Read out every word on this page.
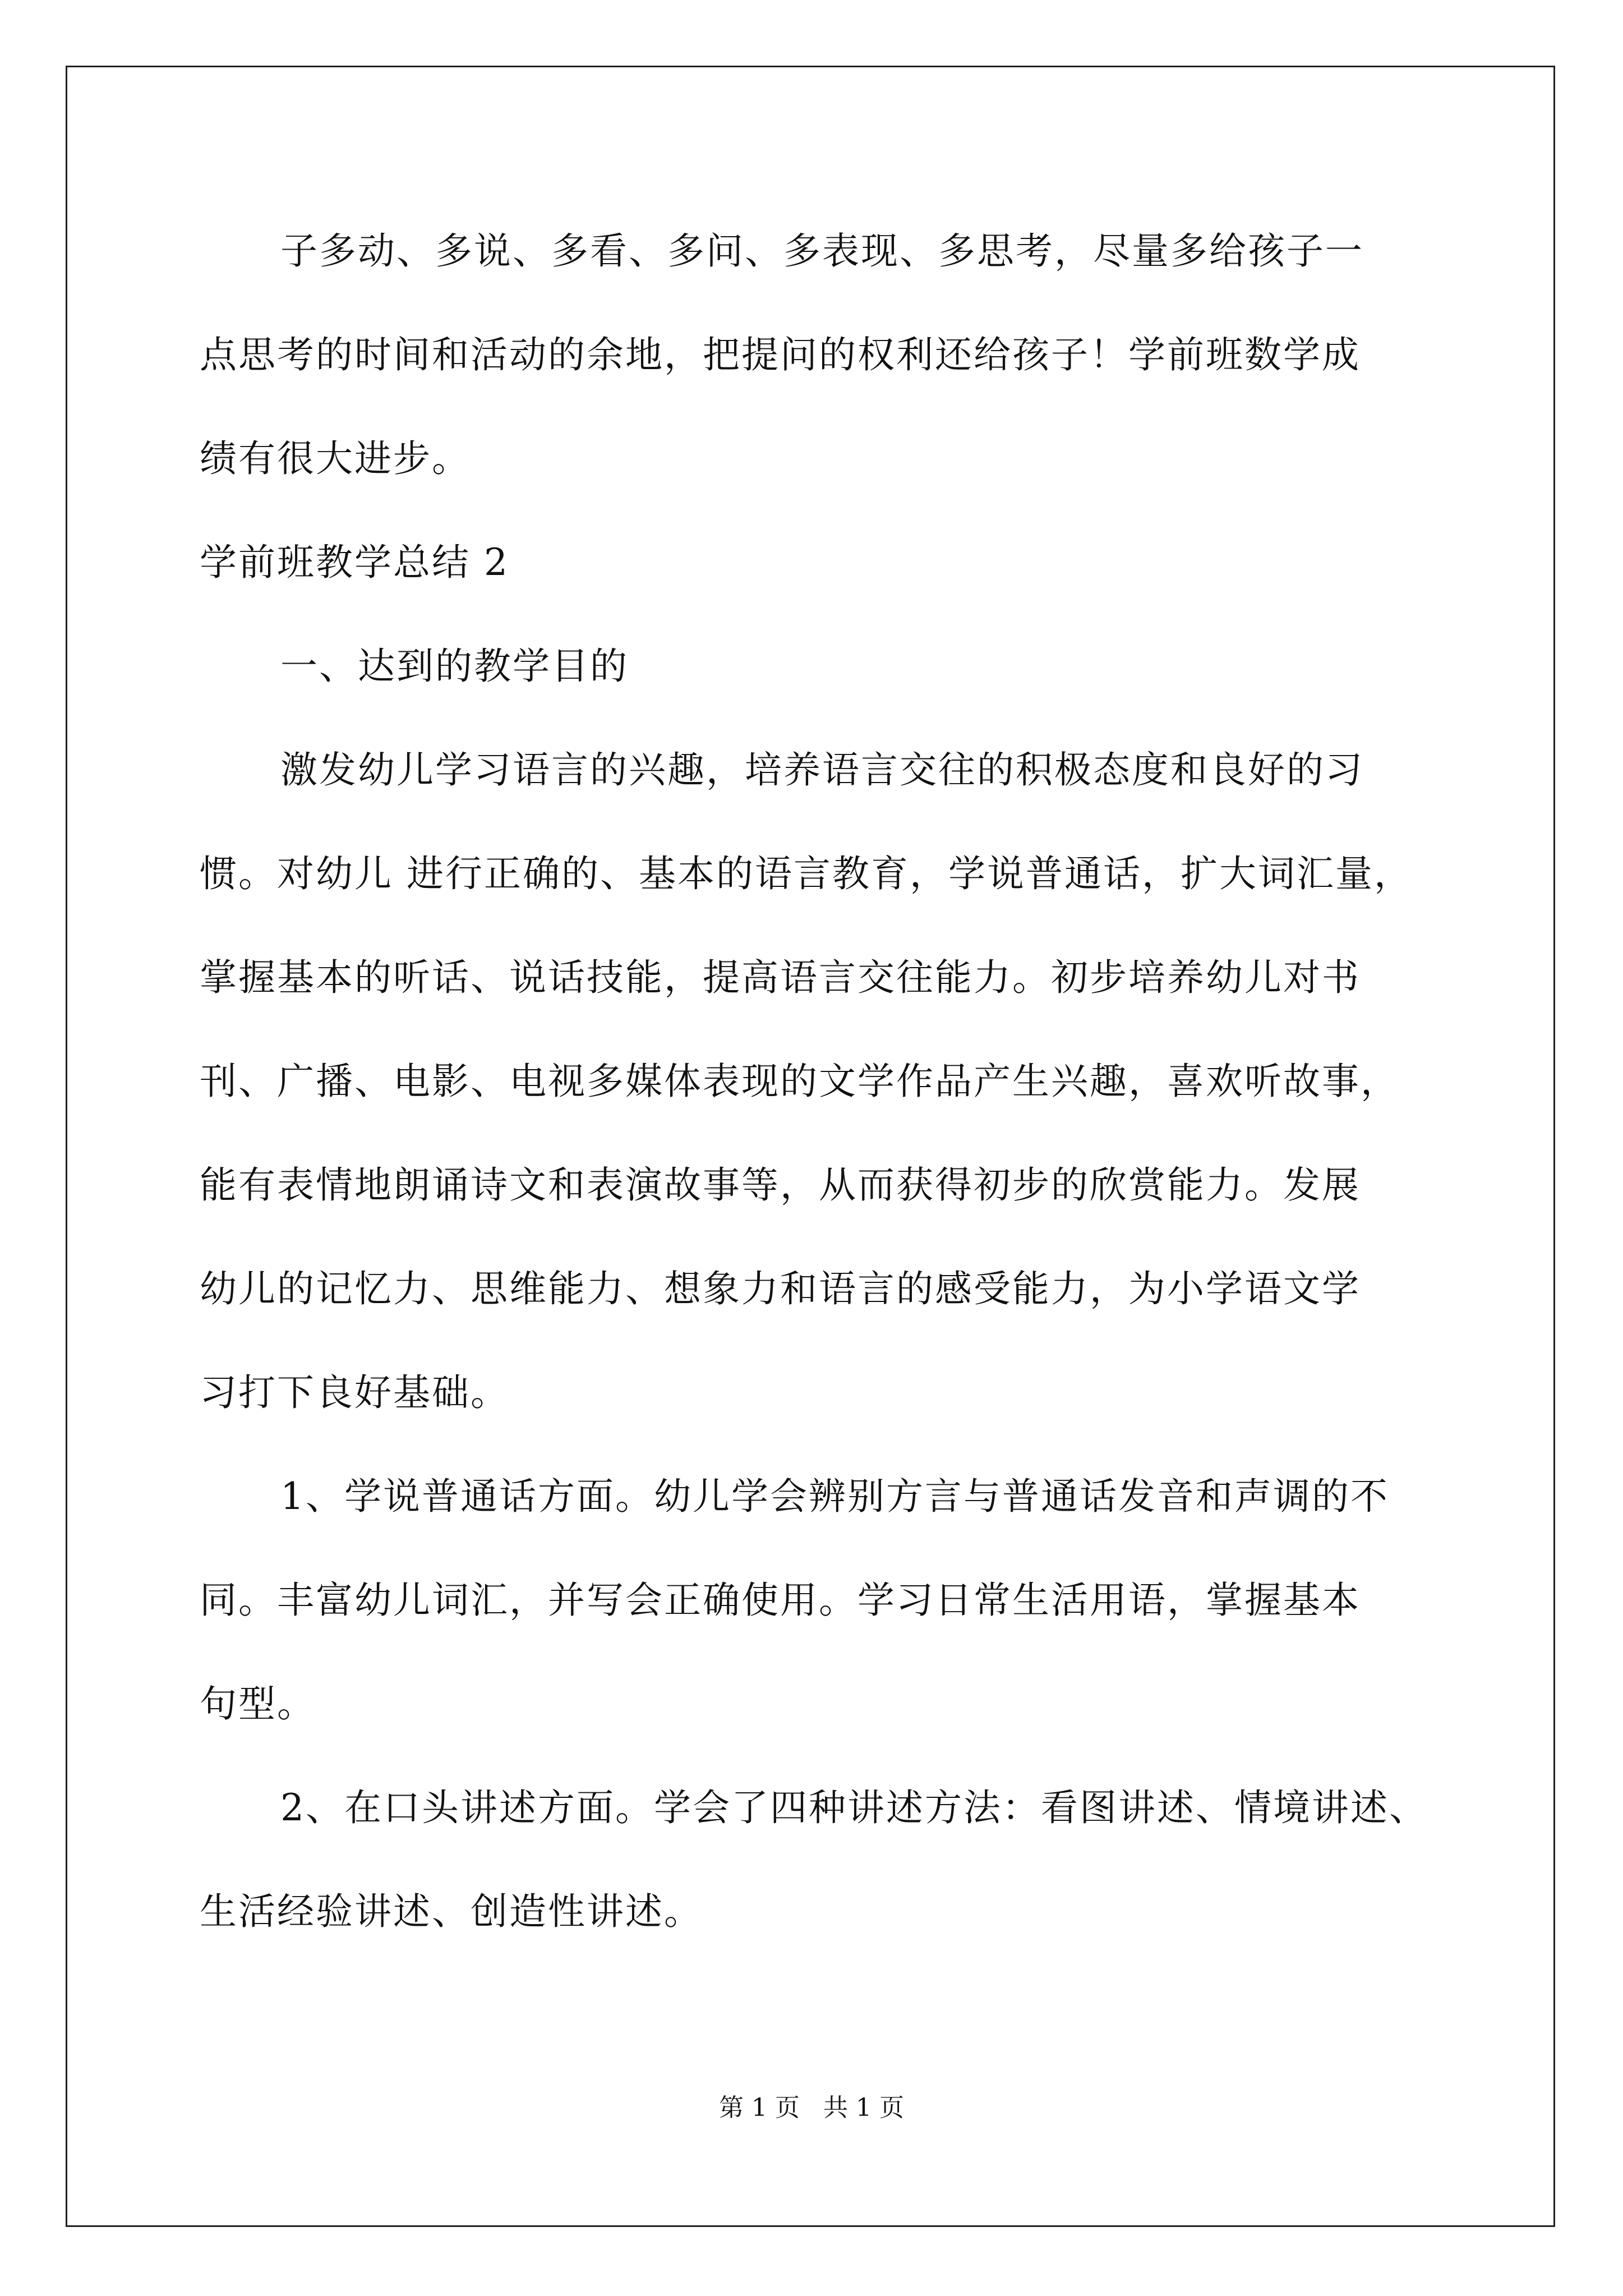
子多动、多说、多看、多问、多表现、多思考，尽量多给孩子一
点思考的时间和活动的余地，把提问的权利还给孩子！学前班数学成
绩有很大进步。
学前班教学总结 2
一、达到的教学目的
激发幼儿学习语言的兴趣，培养语言交往的积极态度和良好的习
惯。对幼儿 进行正确的、基本的语言教育，学说普通话，扩大词汇量，
掌握基本的听话、说话技能，提高语言交往能力。初步培养幼儿对书
刊、广播、电影、电视多媒体表现的文学作品产生兴趣，喜欢听故事，
能有表情地朗诵诗文和表演故事等，从而获得初步的欣赏能力。发展
幼儿的记忆力、思维能力、想象力和语言的感受能力，为小学语文学
习打下良好基础。
1、学说普通话方面。幼儿学会辨别方言与普通话发音和声调的不
同。丰富幼儿词汇，并写会正确使用。学习日常生活用语，掌握基本
句型。
2、在口头讲述方面。学会了四种讲述方法：看图讲述、情境讲述、
生活经验讲述、创造性讲述。
第 1 页   共 1 页
